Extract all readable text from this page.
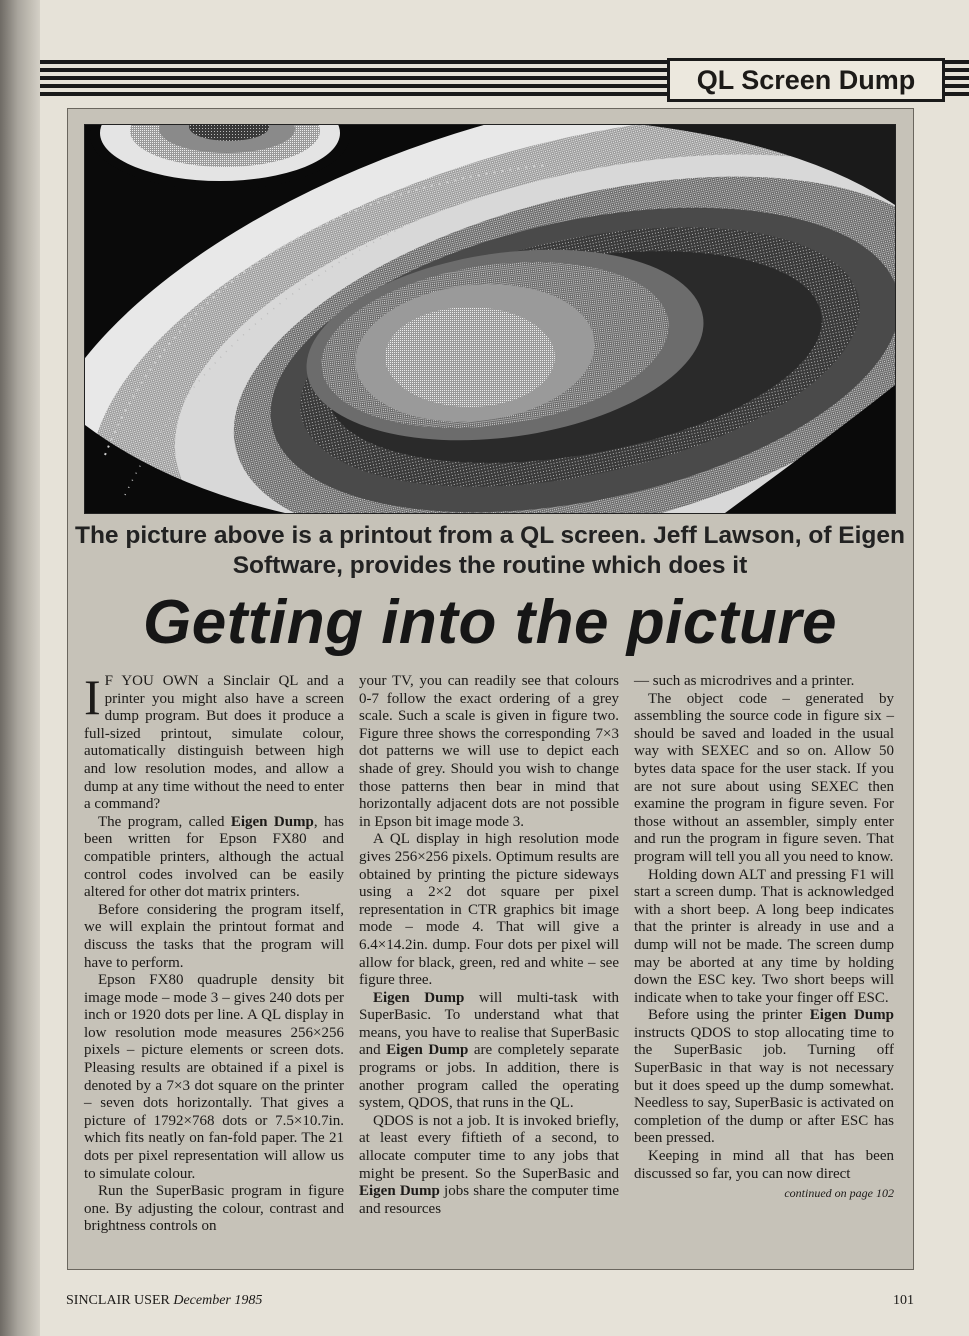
QL Screen Dump
The picture above is a printout from a QL screen. Jeff Lawson, of Eigen Software, provides the routine which does it
Getting into the picture

I F YOU OWN a Sinclair QL and a printer you might also have a screen dump program. But does it produce a full-sized printout, simulate colour, automatically distinguish between high and low resolution modes, and allow a dump at any time without the need to enter a command?

The program, called Eigen Dump, has been written for Epson FX80 and compatible printers, although the actual control codes involved can be easily altered for other dot matrix printers.

Before considering the program itself, we will explain the printout format and discuss the tasks that the program will have to perform.

Epson FX80 quadruple density bit image mode – mode 3 – gives 240 dots per inch or 1920 dots per line. A QL display in low resolution mode measures 256×256 pixels – picture elements or screen dots. Pleasing results are obtained if a pixel is denoted by a 7×3 dot square on the printer – seven dots horizontally. That gives a picture of 1792×768 dots or 7.5×10.7in. which fits neatly on fan-fold paper. The 21 dots per pixel representation will allow us to simulate colour.

Run the SuperBasic program in figure one. By adjusting the colour, contrast and brightness controls on

your TV, you can readily see that colours 0-7 follow the exact ordering of a grey scale. Such a scale is given in figure two. Figure three shows the corresponding 7×3 dot patterns we will use to depict each shade of grey. Should you wish to change those patterns then bear in mind that horizontally adjacent dots are not possible in Epson bit image mode 3.

A QL display in high resolution mode gives 256×256 pixels. Optimum results are obtained by printing the picture sideways using a 2×2 dot square per pixel representation in CTR graphics bit image mode – mode 4. That will give a 6.4×14.2in. dump. Four dots per pixel will allow for black, green, red and white – see figure three.

Eigen Dump will multi-task with SuperBasic. To understand what that means, you have to realise that SuperBasic and Eigen Dump are completely separate programs or jobs. In addition, there is another program called the operating system, QDOS, that runs in the QL.

QDOS is not a job. It is invoked briefly, at least every fiftieth of a second, to allocate computer time to any jobs that might be present. So the SuperBasic and Eigen Dump jobs share the computer time and resources

— such as microdrives and a printer.

The object code – generated by assembling the source code in figure six – should be saved and loaded in the usual way with SEXEC and so on. Allow 50 bytes data space for the user stack. If you are not sure about using SEXEC then examine the program in figure seven. For those without an assembler, simply enter and run the program in figure seven. That program will tell you all you need to know.

Holding down ALT and pressing F1 will start a screen dump. That is acknowledged with a short beep. A long beep indicates that the printer is already in use and a dump will not be made. The screen dump may be aborted at any time by holding down the ESC key. Two short beeps will indicate when to take your finger off ESC.

Before using the printer Eigen Dump instructs QDOS to stop allocating time to the SuperBasic job. Turning off SuperBasic in that way is not necessary but it does speed up the dump somewhat. Needless to say, SuperBasic is activated on completion of the dump or after ESC has been pressed.

Keeping in mind all that has been discussed so far, you can now direct

continued on page 102
SINCLAIR USER December 1985	101
